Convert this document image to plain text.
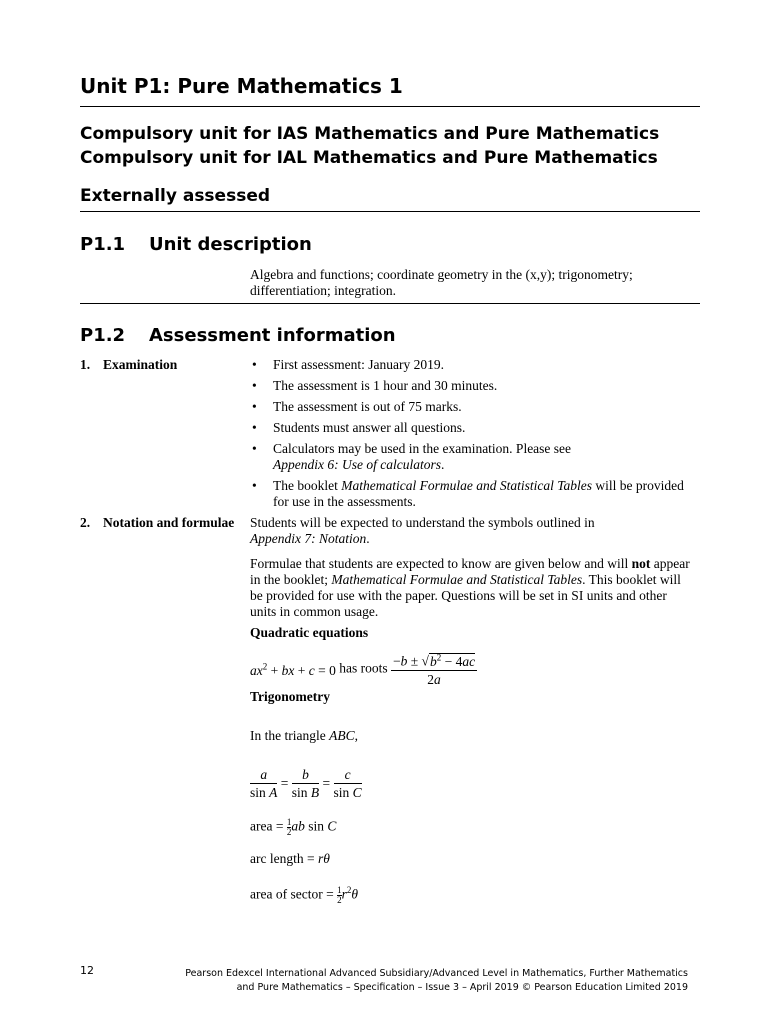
Unit P1: Pure Mathematics 1
Compulsory unit for IAS Mathematics and Pure Mathematics
Compulsory unit for IAL Mathematics and Pure Mathematics
Externally assessed
P1.1 Unit description
Algebra and functions; coordinate geometry in the (x,y); trigonometry;
differentiation; integration.
P1.2 Assessment information
1. Examination
•	First assessment: January 2019.
• The assessment is 1 hour and 30 minutes.
• The assessment is out of 75 marks.
• Students must answer all questions.
• Calculators may be used in the examination. Please see
Appendix 6: Use of calculators.
• The booklet Mathematical Formulae and Statistical Tables will be provided for use in the assessments.
2. Notation and formulae Students will be expected to understand the symbols outlined in
Appendix 7: Notation.
Formulae that students are expected to know are given below and will not appear in the booklet; Mathematical Formulae and Statistical Tables. This booklet will be provided for use with the paper. Questions will be set in SI units and other units in common usage.
Quadratic equations
$ax^2$ + bx + c = 0 has roots $\frac{-b \pm √b^2 - 4ac}{2a}$
Trigonometry
In the triangle ABC,
$\frac{a}{\text{sin A}} = \frac{b}{\text{sin B}} = \frac{c}{\text{sin C}}$
area = $\frac{1}{2}$ ab sin C
arc length = rθ
area of sector = $\frac{1}{2} r^2\theta$
12	Pearson Edexcel International Advanced Subsidiary/Advanced Level in Mathematics, Further Mathematics
and Pure Mathematics – Specification – Issue 3 – April 2019 © Pearson Education Limited 2019
